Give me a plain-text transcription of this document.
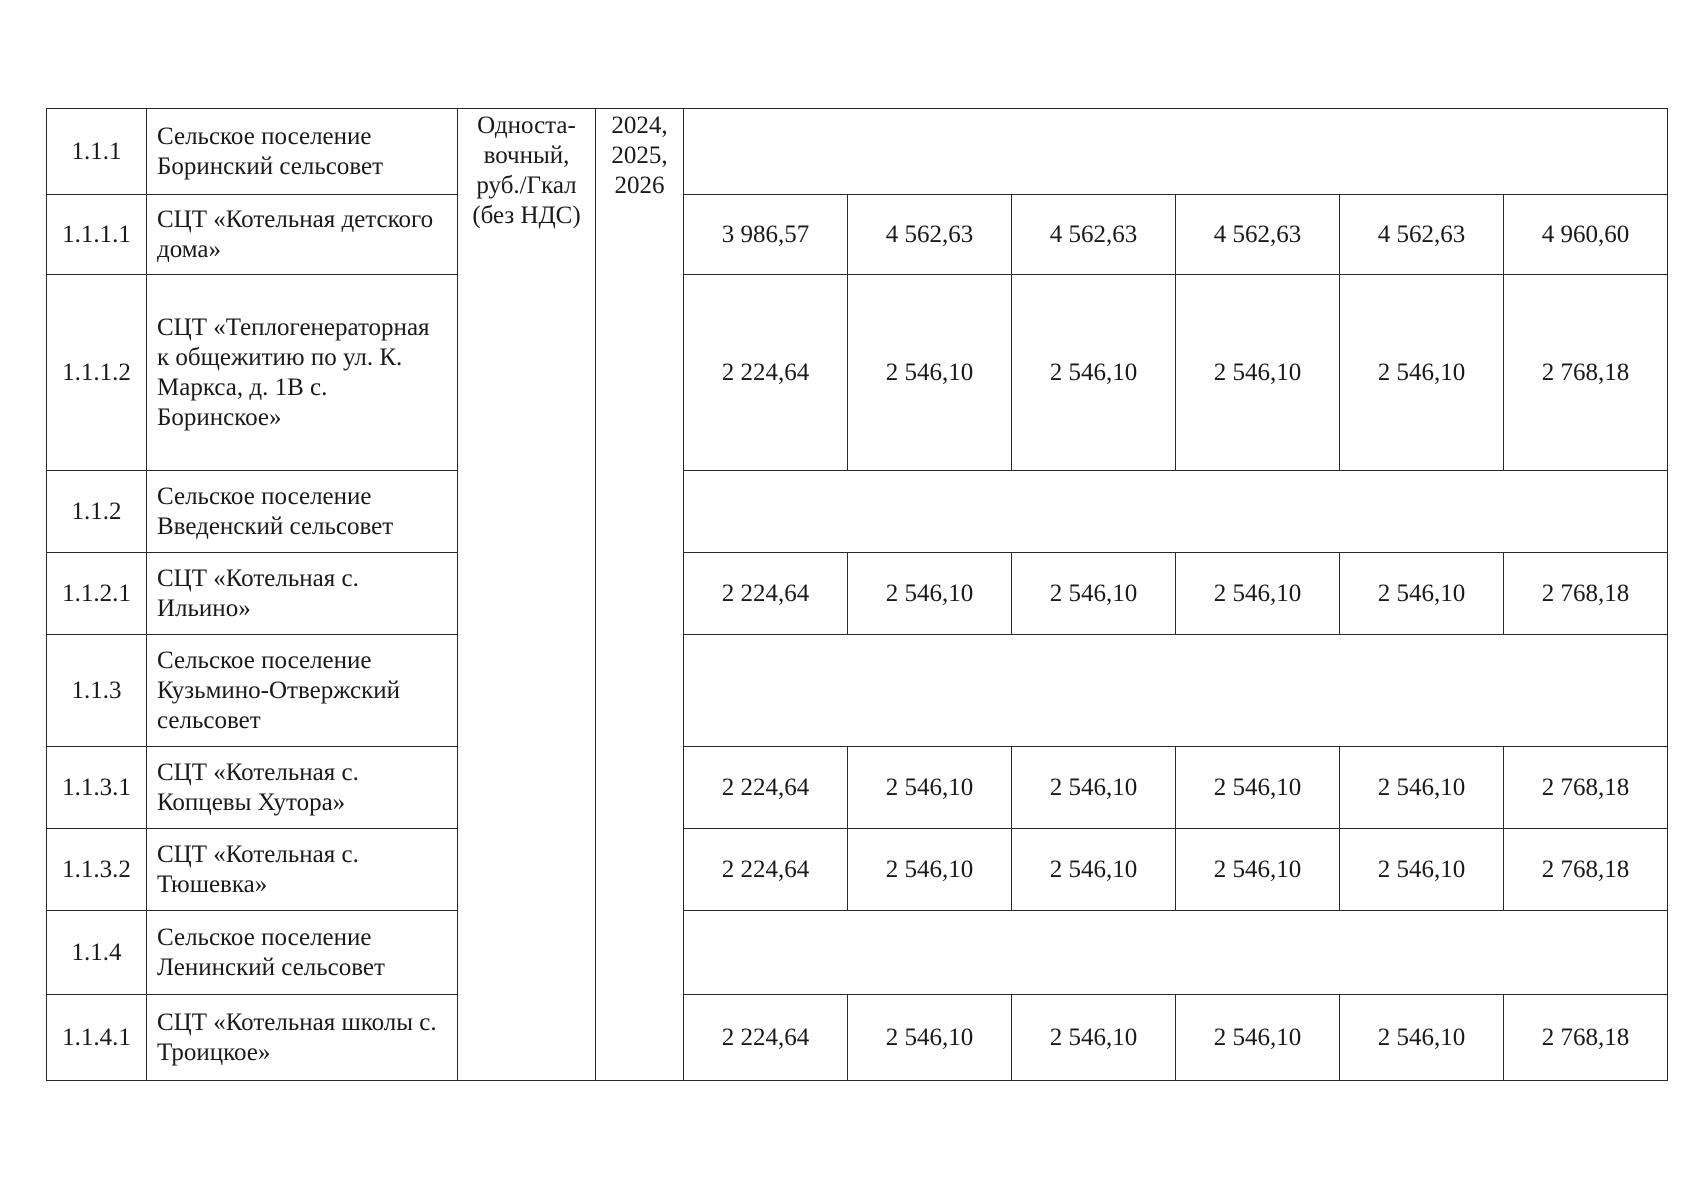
1.1.1	Сельское поселение Боринский сельсовет	Односта-
вочный,
руб./Гкал
(без НДС)	2024,
2025,
2026						
1.1.1.1	СЦТ «Котельная детского дома»			3 986,57	4 562,63	4 562,63	4 562,63	4 562,63	4 960,60
1.1.1.2	СЦТ «Теплогенераторная к общежитию по ул. К. Маркса, д. 1В с. Боринское»			2 224,64	2 546,10	2 546,10	2 546,10	2 546,10	2 768,18
1.1.2	Сельское поселение Введенский сельсовет								
1.1.2.1	СЦТ «Котельная с. Ильино»			2 224,64	2 546,10	2 546,10	2 546,10	2 546,10	2 768,18
1.1.3	Сельское поселение Кузьмино-Отвержский сельсовет								
1.1.3.1	СЦТ «Котельная с. Копцевы Хутора»			2 224,64	2 546,10	2 546,10	2 546,10	2 546,10	2 768,18
1.1.3.2	СЦТ «Котельная с. Тюшевка»			2 224,64	2 546,10	2 546,10	2 546,10	2 546,10	2 768,18
1.1.4	Сельское поселение Ленинский сельсовет								
1.1.4.1	СЦТ «Котельная школы с. Троицкое»			2 224,64	2 546,10	2 546,10	2 546,10	2 546,10	2 768,18
